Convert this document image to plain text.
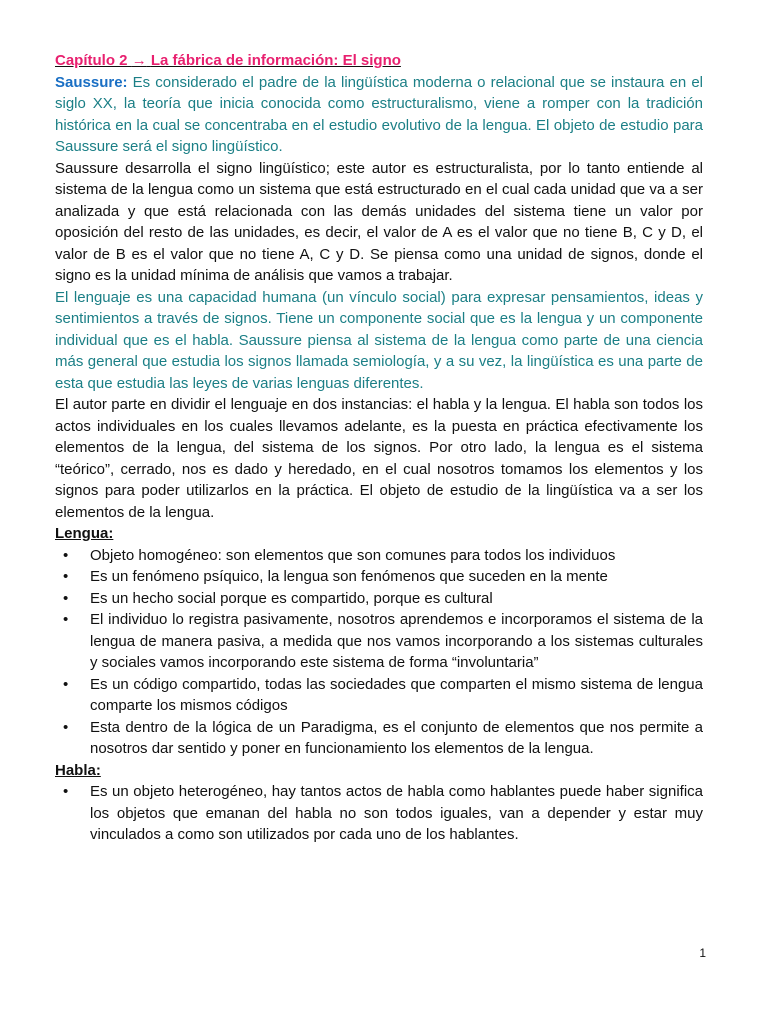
Capítulo 2 → La fábrica de información: El signo

Saussure: Es considerado el padre de la lingüística moderna o relacional que se instaura en el siglo XX, la teoría que inicia conocida como estructuralismo, viene a romper con la tradición histórica en la cual se concentraba en el estudio evolutivo de la lengua. El objeto de estudio para Saussure será el signo lingüístico.

Saussure desarrolla el signo lingüístico; este autor es estructuralista, por lo tanto entiende al sistema de la lengua como un sistema que está estructurado en el cual cada unidad que va a ser analizada y que está relacionada con las demás unidades del sistema tiene un valor por oposición del resto de las unidades, es decir, el valor de A es el valor que no tiene B, C y D, el valor de B es el valor que no tiene A, C y D. Se piensa como una unidad de signos, donde el signo es la unidad mínima de análisis que vamos a trabajar.

El lenguaje es una capacidad humana (un vínculo social) para expresar pensamientos, ideas y sentimientos a través de signos. Tiene un componente social que es la lengua y un componente individual que es el habla. Saussure piensa al sistema de la lengua como parte de una ciencia más general que estudia los signos llamada semiología, y a su vez, la lingüística es una parte de esta que estudia las leyes de varias lenguas diferentes.

El autor parte en dividir el lenguaje en dos instancias: el habla y la lengua. El habla son todos los actos individuales en los cuales llevamos adelante, es la puesta en práctica efectivamente los elementos de la lengua, del sistema de los signos. Por otro lado, la lengua es el sistema “teórico”, cerrado, nos es dado y heredado, en el cual nosotros tomamos los elementos y los signos para poder utilizarlos en la práctica. El objeto de estudio de la lingüística va a ser los elementos de la lengua.

Lengua:
• Objeto homogéneo: son elementos que son comunes para todos los individuos
• Es un fenómeno psíquico, la lengua son fenómenos que suceden en la mente
• Es un hecho social porque es compartido, porque es cultural
• El individuo lo registra pasivamente, nosotros aprendemos e incorporamos el sistema de la lengua de manera pasiva, a medida que nos vamos incorporando a los sistemas culturales y sociales vamos incorporando este sistema de forma “involuntaria”
• Es un código compartido, todas las sociedades que comparten el mismo sistema de lengua comparte los mismos códigos
• Esta dentro de la lógica de un Paradigma, es el conjunto de elementos que nos permite a nosotros dar sentido y poner en funcionamiento los elementos de la lengua.
Habla:
• Es un objeto heterogéneo, hay tantos actos de habla como hablantes puede haber significa los objetos que emanan del habla no son todos iguales, van a depender y estar muy vinculados a como son utilizados por cada uno de los hablantes.
1
